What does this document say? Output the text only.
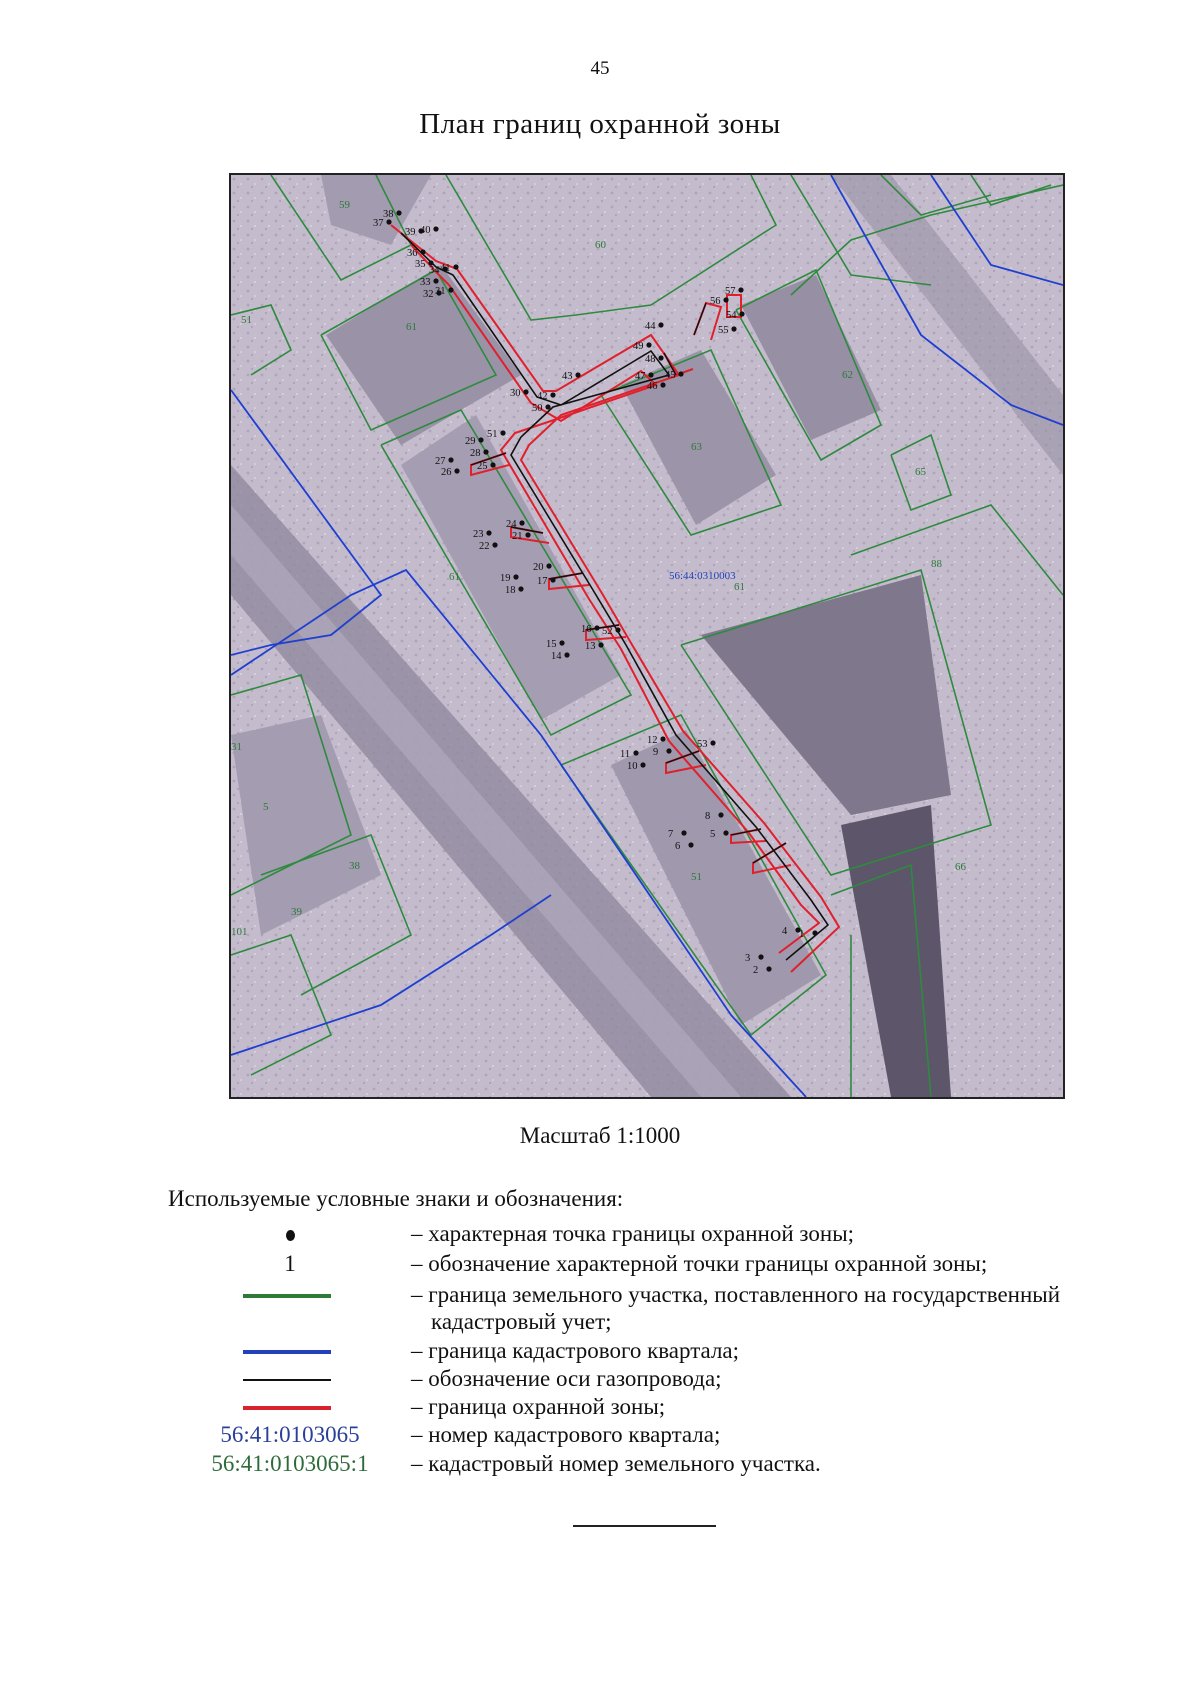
45
План границ охранной зоны
1
2
3
4
5
6
7
8
9
10
11
12
13
14
15
16
17
18
19
20
21
22
23
24
25
26
27
28
29
30
31
32
33
34
35
36
37
38
39 40
41
42
43
44
45
46
47
48
49
50
51
52
53
54
55
56
57
59
60
61
61
61
62
63
65
66
88
31
38
39
101
5
51
51
56:44:0310003
Масштаб 1:1000
Используемые условные знаки и обозначения:
– характерная точка границы охранной зоны;
1	– обозначение характерной точки границы охранной зоны;
– граница земельного участка, поставленного на государственный
кадастровый учет;
– граница кадастрового квартала;
– обозначение оси газопровода;
– граница охранной зоны;
56:41:0103065	– номер кадастрового квартала;
56:41:0103065:1 – кадастровый номер земельного участка.
